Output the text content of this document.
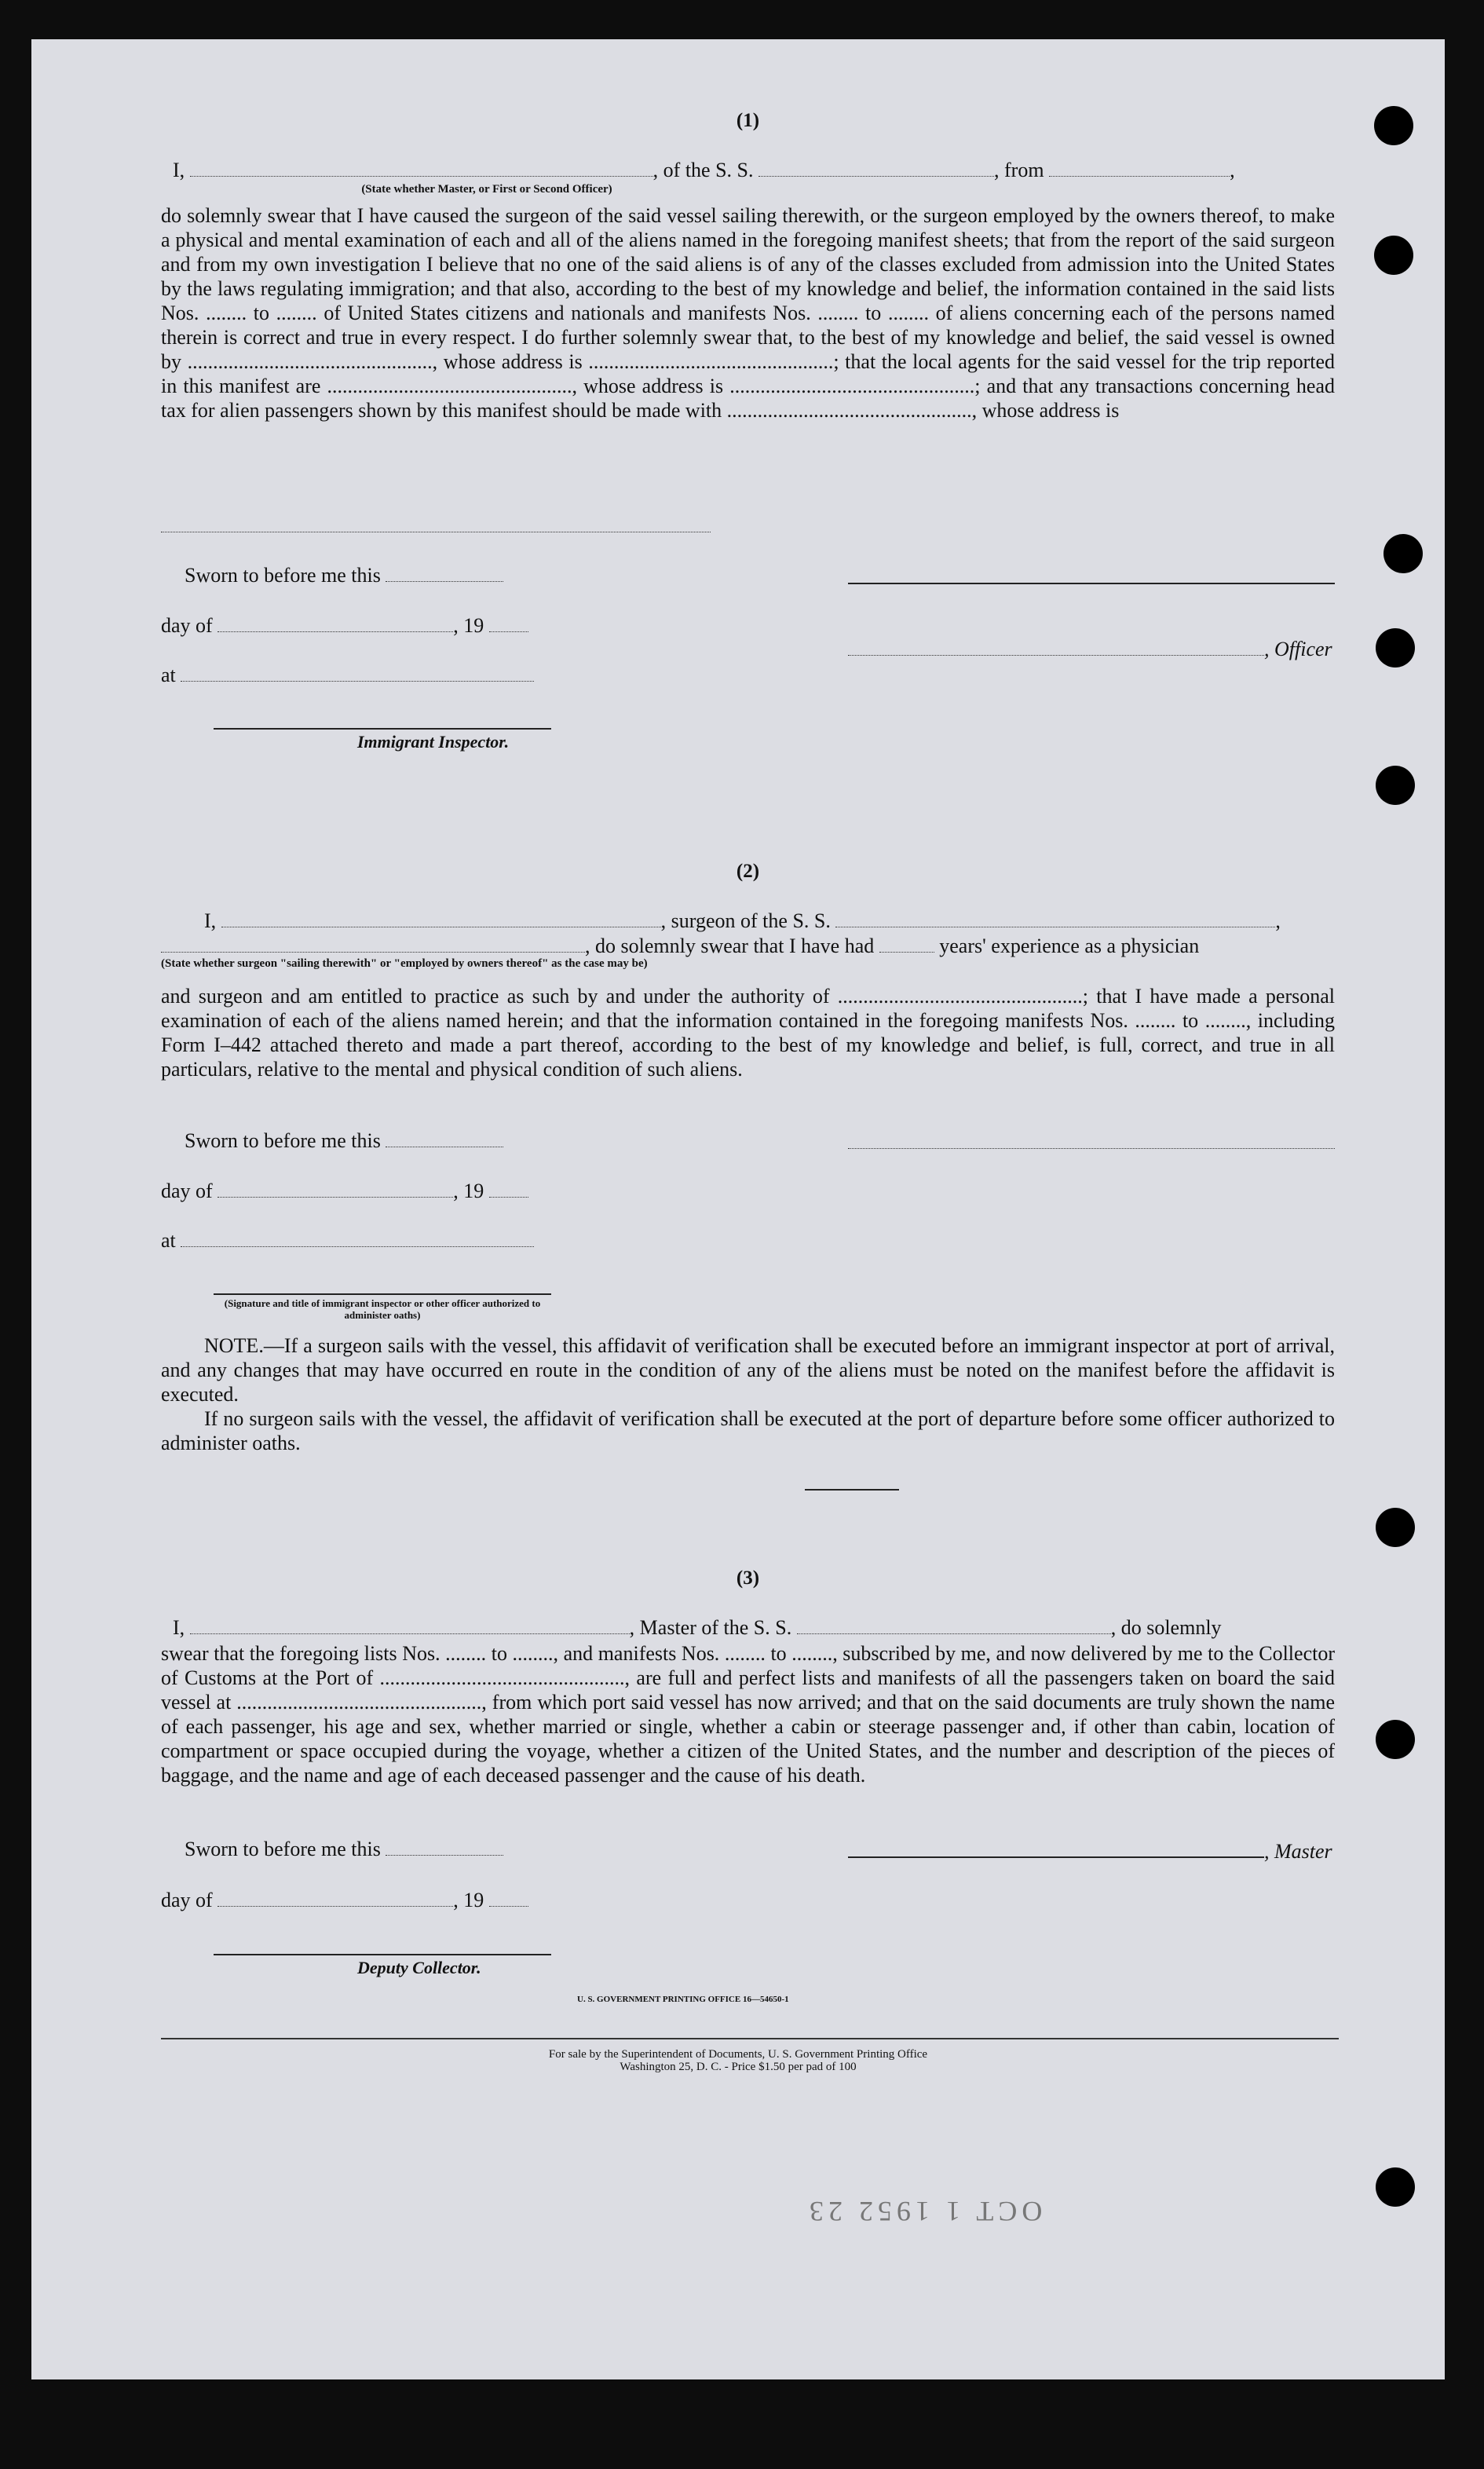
(1)
I,	, of the S. S.	, from	,
(State whether Master, or First or Second Officer)

do solemnly swear that I have caused the surgeon of the said vessel sailing therewith, or the surgeon employed by the owners thereof, to make a physical and mental examination of each and all of the aliens named in the foregoing manifest sheets; that from the report of the said surgeon and from my own investigation I believe that no one of the said aliens is of any of the classes excluded from admission into the United States by the laws regulating immigration; and that also, according to the best of my knowledge and belief, the information contained in the said lists Nos. ........ to ........ of United States citizens and nationals and manifests Nos. ........ to ........ of aliens concerning each of the persons named therein is correct and true in every respect. I do further solemnly swear that, to the best of my knowledge and belief, the said vessel is owned by ................................................, whose address is ................................................; that the local agents for the said vessel for the trip reported in this manifest are ................................................, whose address is ................................................; and that any transactions concerning head tax for alien passengers shown by this manifest should be made with ................................................, whose address is

Sworn to before me this
day of	, 19
, Officer
at
Immigrant Inspector.
(2)
I,	, surgeon of the S. S.	,
, do solemnly swear that I have had	years' experience as a physician
(State whether surgeon "sailing therewith" or "employed by owners thereof" as the case may be)

and surgeon and am entitled to practice as such by and under the authority of ................................................; that I have made a personal examination of each of the aliens named herein; and that the information contained in the foregoing manifests Nos. ........ to ........, including Form I–442 attached thereto and made a part thereof, according to the best of my knowledge and belief, is full, correct, and true in all particulars, relative to the mental and physical condition of such aliens.

Sworn to before me this
day of	, 19
at
(Signature and title of immigrant inspector or other officer authorized to administer oaths)

NOTE.—If a surgeon sails with the vessel, this affidavit of verification shall be executed before an immigrant inspector at port of arrival, and any changes that may have occurred en route in the condition of any of the aliens must be noted on the manifest before the affidavit is executed.

If no surgeon sails with the vessel, the affidavit of verification shall be executed at the port of departure before some officer authorized to administer oaths.

(3)
I,	, Master of the S. S.	, do solemnly

swear that the foregoing lists Nos. ........ to ........, and manifests Nos. ........ to ........, subscribed by me, and now delivered by me to the Collector of Customs at the Port of ................................................, are full and perfect lists and manifests of all the passengers taken on board the said vessel at ................................................, from which port said vessel has now arrived; and that on the said documents are truly shown the name of each passenger, his age and sex, whether married or single, whether a cabin or steerage passenger and, if other than cabin, location of compartment or space occupied during the voyage, whether a citizen of the United States, and the number and description of the pieces of baggage, and the name and age of each deceased passenger and the cause of his death.

Sworn to before me this	, Master
day of	, 19
Deputy Collector.
U. S. GOVERNMENT PRINTING OFFICE 16—54650-1
For sale by the Superintendent of Documents, U. S. Government Printing Office
Washington 25, D. C. - Price $1.50 per pad of 100
OCT 1 1952 23
